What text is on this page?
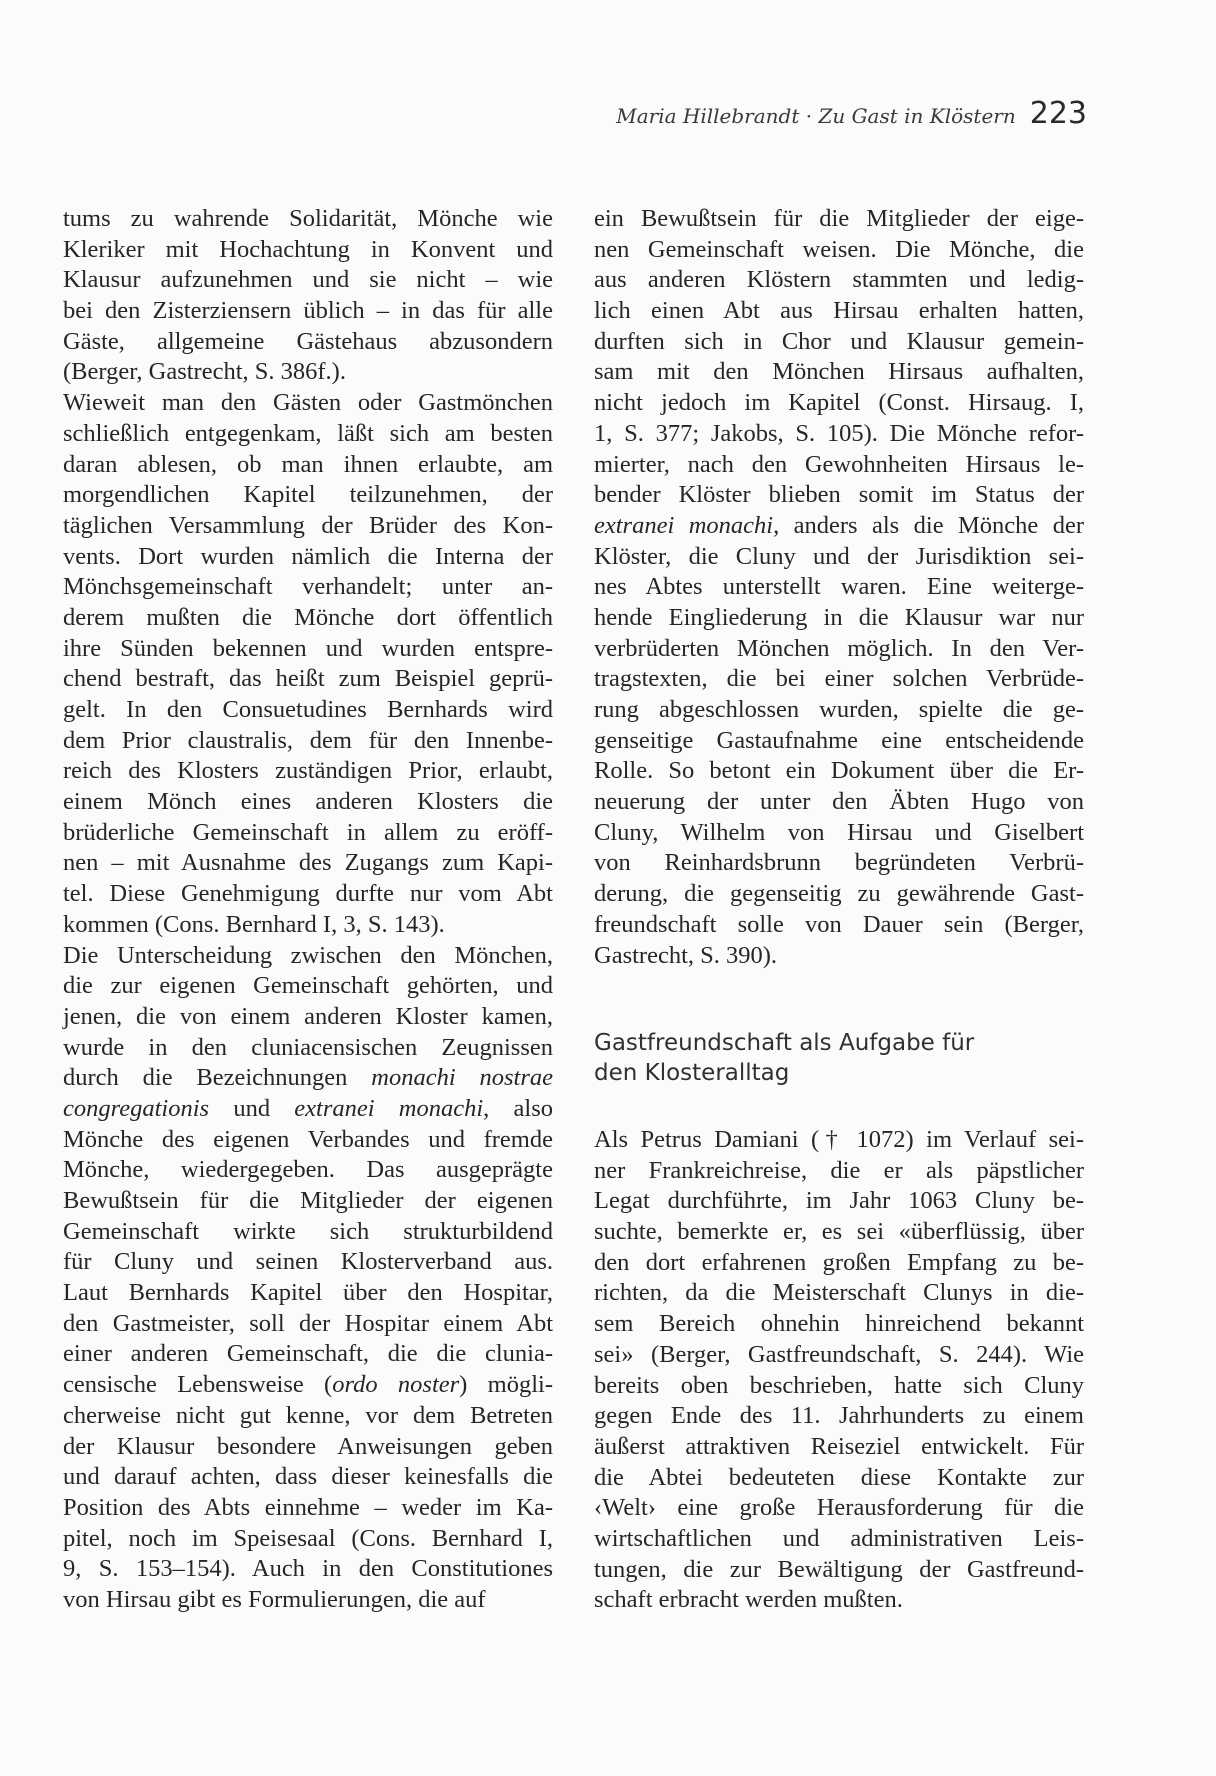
Maria Hillebrandt · Zu Gast in Klöstern 223
tums zu wahrende Solidarität, Mönche wie
Kleriker mit Hochachtung in Konvent und
Klausur aufzunehmen und sie nicht – wie
bei den Zisterziensern üblich – in das für alle
Gäste, allgemeine Gästehaus abzusondern
(Berger, Gastrecht, S. 386f.).
Wieweit man den Gästen oder Gastmönchen
schließlich entgegenkam, läßt sich am besten
daran ablesen, ob man ihnen erlaubte, am
morgendlichen Kapitel teilzunehmen, der
täglichen Versammlung der Brüder des Kon-
vents. Dort wurden nämlich die Interna der
Mönchsgemeinschaft verhandelt; unter an-
derem mußten die Mönche dort öffentlich
ihre Sünden bekennen und wurden entspre-
chend bestraft, das heißt zum Beispiel geprü-
gelt. In den Consuetudines Bernhards wird
dem Prior claustralis, dem für den Innenbe-
reich des Klosters zuständigen Prior, erlaubt,
einem Mönch eines anderen Klosters die
brüderliche Gemeinschaft in allem zu eröff-
nen – mit Ausnahme des Zugangs zum Kapi-
tel. Diese Genehmigung durfte nur vom Abt
kommen (Cons. Bernhard I, 3, S. 143).
Die Unterscheidung zwischen den Mönchen,
die zur eigenen Gemeinschaft gehörten, und
jenen, die von einem anderen Kloster kamen,
wurde in den cluniacensischen Zeugnissen
durch die Bezeichnungen monachi nostrae
congregationis und extranei monachi, also
Mönche des eigenen Verbandes und fremde
Mönche, wiedergegeben. Das ausgeprägte
Bewußtsein für die Mitglieder der eigenen
Gemeinschaft wirkte sich strukturbildend
für Cluny und seinen Klosterverband aus.
Laut Bernhards Kapitel über den Hospitar,
den Gastmeister, soll der Hospitar einem Abt
einer anderen Gemeinschaft, die die clunia-
censische Lebensweise (ordo noster) mögli-
cherweise nicht gut kenne, vor dem Betreten
der Klausur besondere Anweisungen geben
und darauf achten, dass dieser keinesfalls die
Position des Abts einnehme – weder im Ka-
pitel, noch im Speisesaal (Cons. Bernhard I,
9, S. 153–154). Auch in den Constitutiones
von Hirsau gibt es Formulierungen, die auf
ein Bewußtsein für die Mitglieder der eige-
nen Gemeinschaft weisen. Die Mönche, die
aus anderen Klöstern stammten und ledig-
lich einen Abt aus Hirsau erhalten hatten,
durften sich in Chor und Klausur gemein-
sam mit den Mönchen Hirsaus aufhalten,
nicht jedoch im Kapitel (Const. Hirsaug. I,
1, S. 377; Jakobs, S. 105). Die Mönche refor-
mierter, nach den Gewohnheiten Hirsaus le-
bender Klöster blieben somit im Status der
extranei monachi, anders als die Mönche der
Klöster, die Cluny und der Jurisdiktion sei-
nes Abtes unterstellt waren. Eine weiterge-
hende Eingliederung in die Klausur war nur
verbrüderten Mönchen möglich. In den Ver-
tragstexten, die bei einer solchen Verbrüde-
rung abgeschlossen wurden, spielte die ge-
genseitige Gastaufnahme eine entscheidende
Rolle. So betont ein Dokument über die Er-
neuerung der unter den Äbten Hugo von
Cluny, Wilhelm von Hirsau und Giselbert
von Reinhardsbrunn begründeten Verbrü-
derung, die gegenseitig zu gewährende Gast-
freundschaft solle von Dauer sein (Berger,
Gastrecht, S. 390).
Gastfreundschaft als Aufgabe für
den Klosteralltag
Als Petrus Damiani († 1072) im Verlauf sei-
ner Frankreichreise, die er als päpstlicher
Legat durchführte, im Jahr 1063 Cluny be-
suchte, bemerkte er, es sei «überflüssig, über
den dort erfahrenen großen Empfang zu be-
richten, da die Meisterschaft Clunys in die-
sem Bereich ohnehin hinreichend bekannt
sei» (Berger, Gastfreundschaft, S. 244). Wie
bereits oben beschrieben, hatte sich Cluny
gegen Ende des 11. Jahrhunderts zu einem
äußerst attraktiven Reiseziel entwickelt. Für
die Abtei bedeuteten diese Kontakte zur
‹Welt› eine große Herausforderung für die
wirtschaftlichen und administrativen Leis-
tungen, die zur Bewältigung der Gastfreund-
schaft erbracht werden mußten.
